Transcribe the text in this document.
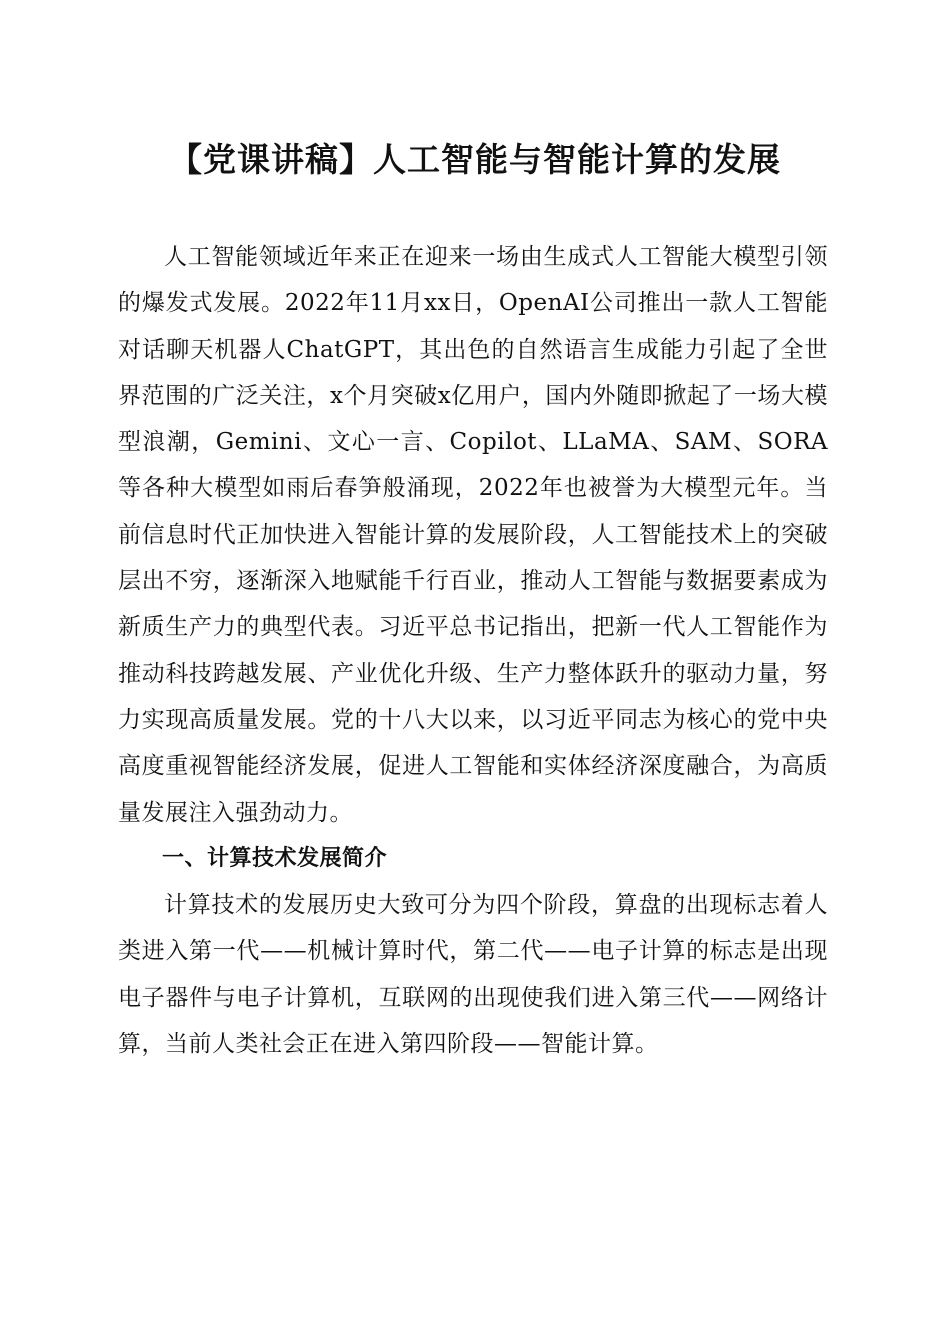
【党课讲稿】人工智能与智能计算的发展

人工智能领域近年来正在迎来一场由生成式人工智能大模型引领的爆发式发展。2022年11月xx日，OpenAI公司推出一款人工智能对话聊天机器人ChatGPT，其出色的自然语言生成能力引起了全世界范围的广泛关注，x个月突破x亿用户，国内外随即掀起了一场大模型浪潮，Gemini、文心一言、Copilot、LLaMA、SAM、SORA等各种大模型如雨后春笋般涌现，2022年也被誉为大模型元年。当前信息时代正加快进入智能计算的发展阶段，人工智能技术上的突破层出不穷，逐渐深入地赋能千行百业，推动人工智能与数据要素成为新质生产力的典型代表。习近平总书记指出，把新一代人工智能作为推动科技跨越发展、产业优化升级、生产力整体跃升的驱动力量，努力实现高质量发展。党的十八大以来，以习近平同志为核心的党中央高度重视智能经济发展，促进人工智能和实体经济深度融合，为高质量发展注入强劲动力。

一、计算技术发展简介

计算技术的发展历史大致可分为四个阶段，算盘的出现标志着人类进入第一代——机械计算时代，第二代——电子计算的标志是出现电子器件与电子计算机，互联网的出现使我们进入第三代——网络计算，当前人类社会正在进入第四阶段——智能计算。
